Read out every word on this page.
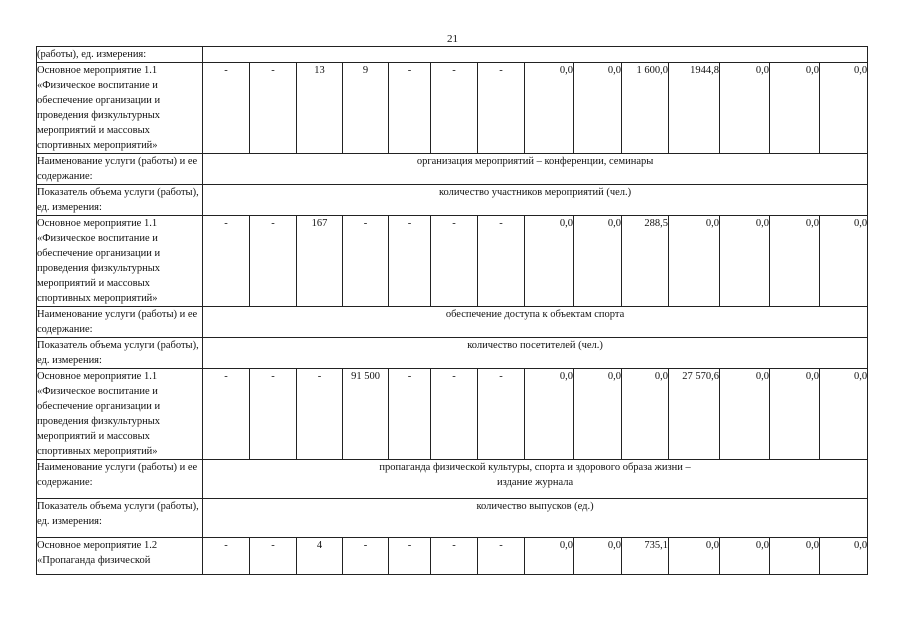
21
(работы), ед. измерения:														
Основное мероприятие 1.1 «Физическое воспитание и обеспечение организации и проведения физкультурных мероприятий и массовых спортивных мероприятий»	-	-	13	9	-	-	-	0,0	0,0	1 600,0	1944,8	0,0	0,0	0,0
Наименование услуги (работы) и ее содержание:	организация мероприятий – конференции, семинары													

Показатель объема услуги (работы), ед. измерения:	количество участников мероприятий (чел.)													

Основное мероприятие 1.1 «Физическое воспитание и обеспечение организации и проведения физкультурных мероприятий и массовых спортивных мероприятий»	-	-	167	-	-	-	-	0,0	0,0	288,5	0,0	0,0	0,0	0,0
Наименование услуги (работы) и ее содержание:	обеспечение доступа к объектам спорта													

Показатель объема услуги (работы), ед. измерения:	количество посетителей (чел.)													

Основное мероприятие 1.1 «Физическое воспитание и обеспечение организации и проведения физкультурных мероприятий и массовых спортивных мероприятий»	-	-	-	91 500	-	-	-	0,0	0,0	0,0	27 570,6	0,0	0,0	0,0
Наименование услуги (работы) и ее содержание:	пропаганда физической культуры, спорта и здорового образа жизни –
издание журнала													

Показатель объема услуги (работы), ед. измерения:	количество выпусков (ед.)													

Основное мероприятие 1.2 «Пропаганда физической	-	-	4	-	-	-	-	0,0	0,0	735,1	0,0	0,0	0,0	0,0
